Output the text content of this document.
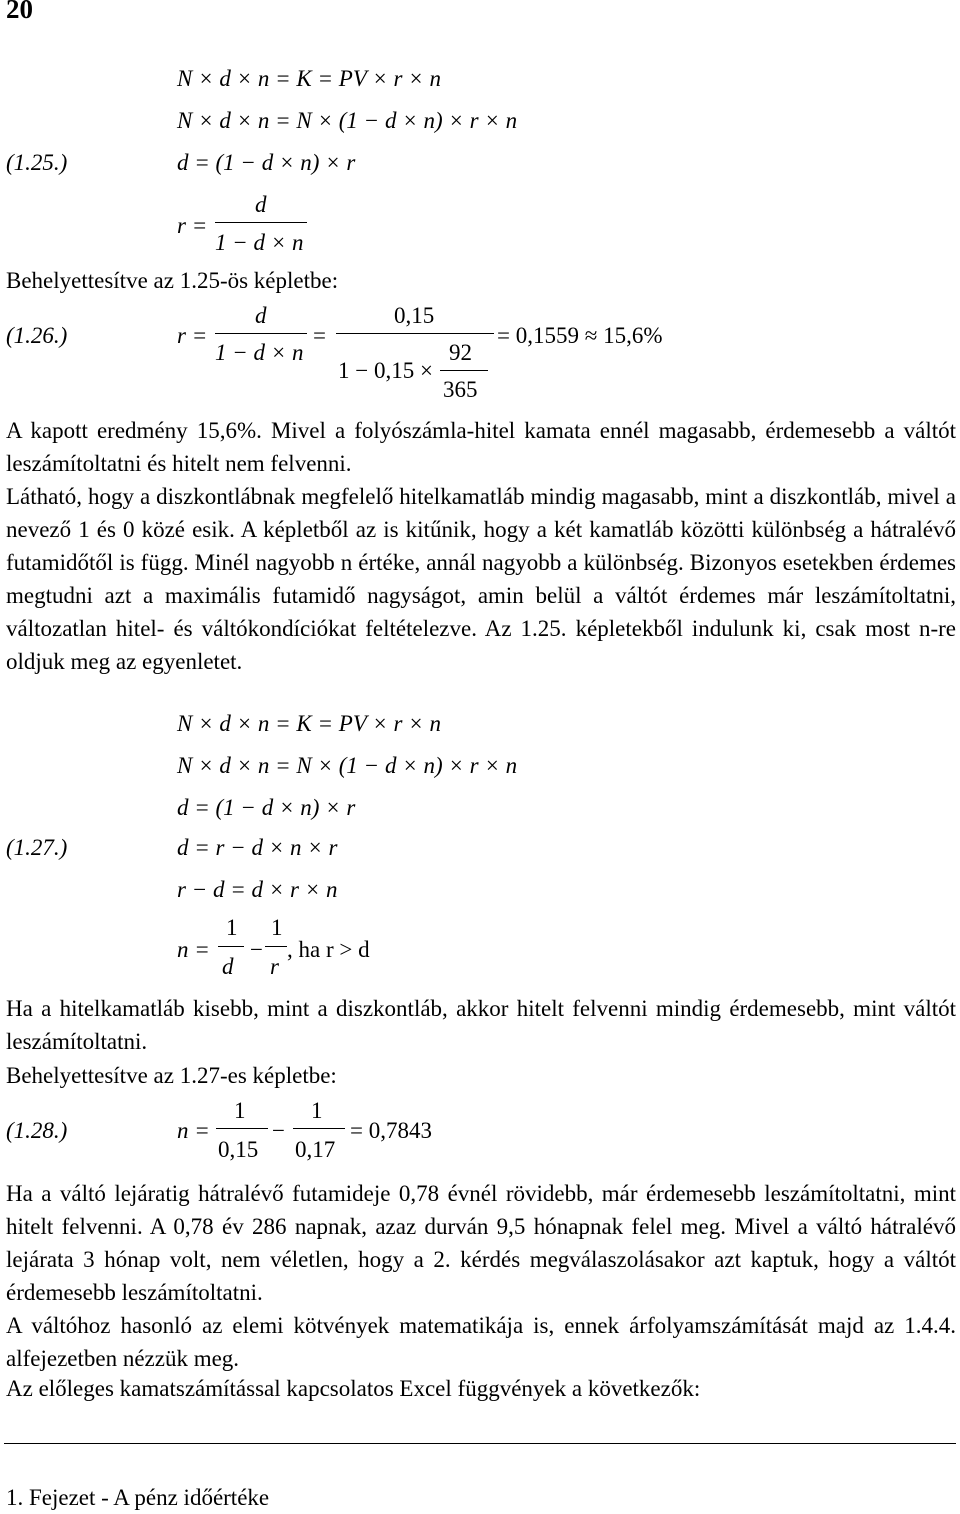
20
N × d × n = K = PV × r × n
N × d × n = N × (1 − d × n) × r × n
(1.25.)	d = (1 − d × n) × r
r =
d
1 − d × n
Behelyettesítve az 1.25-ös képletbe:
(1.26.)	r =
d
1 − d × n
=
0,15
1 − 0,15 ×
92
365
= 0,1559 ≈ 15,6%

A kapott eredmény 15,6%. Mivel a folyószámla-hitel kamata ennél magasabb, érdemesebb a váltót leszámítoltatni és hitelt nem felvenni.

Látható, hogy a diszkontlábnak megfelelő hitelkamatláb mindig magasabb, mint a diszkontláb, mivel a nevező 1 és 0 közé esik. A képletből az is kitűnik, hogy a két kamatláb közötti különbség a hátralévő futamidőtől is függ. Minél nagyobb n értéke, annál nagyobb a különbség. Bizonyos esetekben érdemes megtudni azt a maximális futamidő nagyságot, amin belül a váltót érdemes már leszámítoltatni, változatlan hitel- és váltókondíciókat feltételezve. Az 1.25. képletekből indulunk ki, csak most n-re oldjuk meg az egyenletet.

N × d × n = K = PV × r × n
N × d × n = N × (1 − d × n) × r × n
d = (1 − d × n) × r
(1.27.)	d = r − d × n × r
r − d = d × r × n
n =
1
d
−
1
r
, ha r > d

Ha a hitelkamatláb kisebb, mint a diszkontláb, akkor hitelt felvenni mindig érdemesebb, mint váltót leszámítoltatni.

Behelyettesítve az 1.27-es képletbe:
(1.28.)	n =
1
0,15
−
1
0,17
= 0,7843

Ha a váltó lejáratig hátralévő futamideje 0,78 évnél rövidebb, már érdemesebb leszámítoltatni, mint hitelt felvenni. A 0,78 év 286 napnak, azaz durván 9,5 hónapnak felel meg. Mivel a váltó hátralévő lejárata 3 hónap volt, nem véletlen, hogy a 2. kérdés megválaszolásakor azt kaptuk, hogy a váltót érdemesebb leszámítoltatni.

A váltóhoz hasonló az elemi kötvények matematikája is, ennek árfolyamszámítását majd az 1.4.4. alfejezetben nézzük meg.

Az előleges kamatszámítással kapcsolatos Excel függvények a következők:
1. Fejezet - A pénz időértéke
